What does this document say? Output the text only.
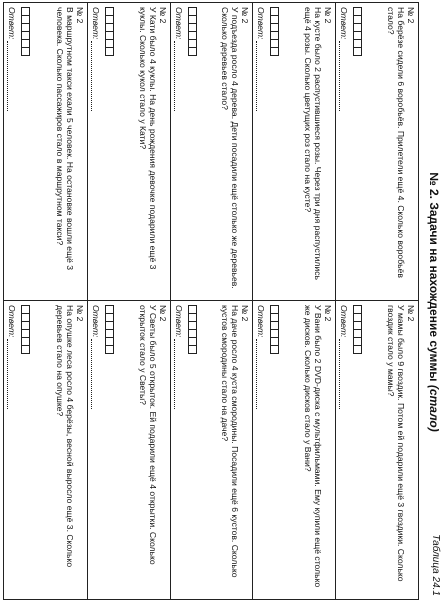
Таблица 24.1
№ 2. Задачи на нахождение суммы (стало)
№ 2
На берёзе сидели 6 воробьёв. Прилетели ещё 4. Сколько воробьёв стало?
Ответ:
№ 2
У мамы было 9 гвоздик. Потом ей подарили ещё 3 гвоздики. Сколько гвоздик стало у мамы?
Ответ:
№ 2
На кусте было 2 распустившиеся розы. Через три дня распустились ещё 4 розы. Сколько цветущих роз стало на кусте?
Ответ:
№ 2
У Вани было 2 DVD-диска с мультфильмами. Ему купили ещё столько же дисков. Сколько дисков стало у Вани?
Ответ:
№ 2
У подъезда росло 4 дерева. Дети посадили ещё столько же деревьев. Сколько деревьев стало?
Ответ:
№ 2
На даче росло 4 куста смородины. Посадили ещё 6 кустов. Сколько кустов смородины стало на даче?
Ответ:
№ 2
У Кати было 4 куклы. На день рождения девочке подарили ещё 3 куклы. Сколько кукол стало у Кати?
Ответ:
№ 2
У Светы было 5 открыток. Ей подарили ещё 4 открытки. Сколько открыток стало у Светы?
Ответ:
№ 2
В маршрутном такси ехали 5 человек. На остановке вошли ещё 3 человека. Сколько пассажиров стало в маршрутном такси?
Ответ:
№ 2
На опушке леса росло 4 берёзы, весной выросло ещё 3. Сколько деревьев стало на опушке?
Ответ:
